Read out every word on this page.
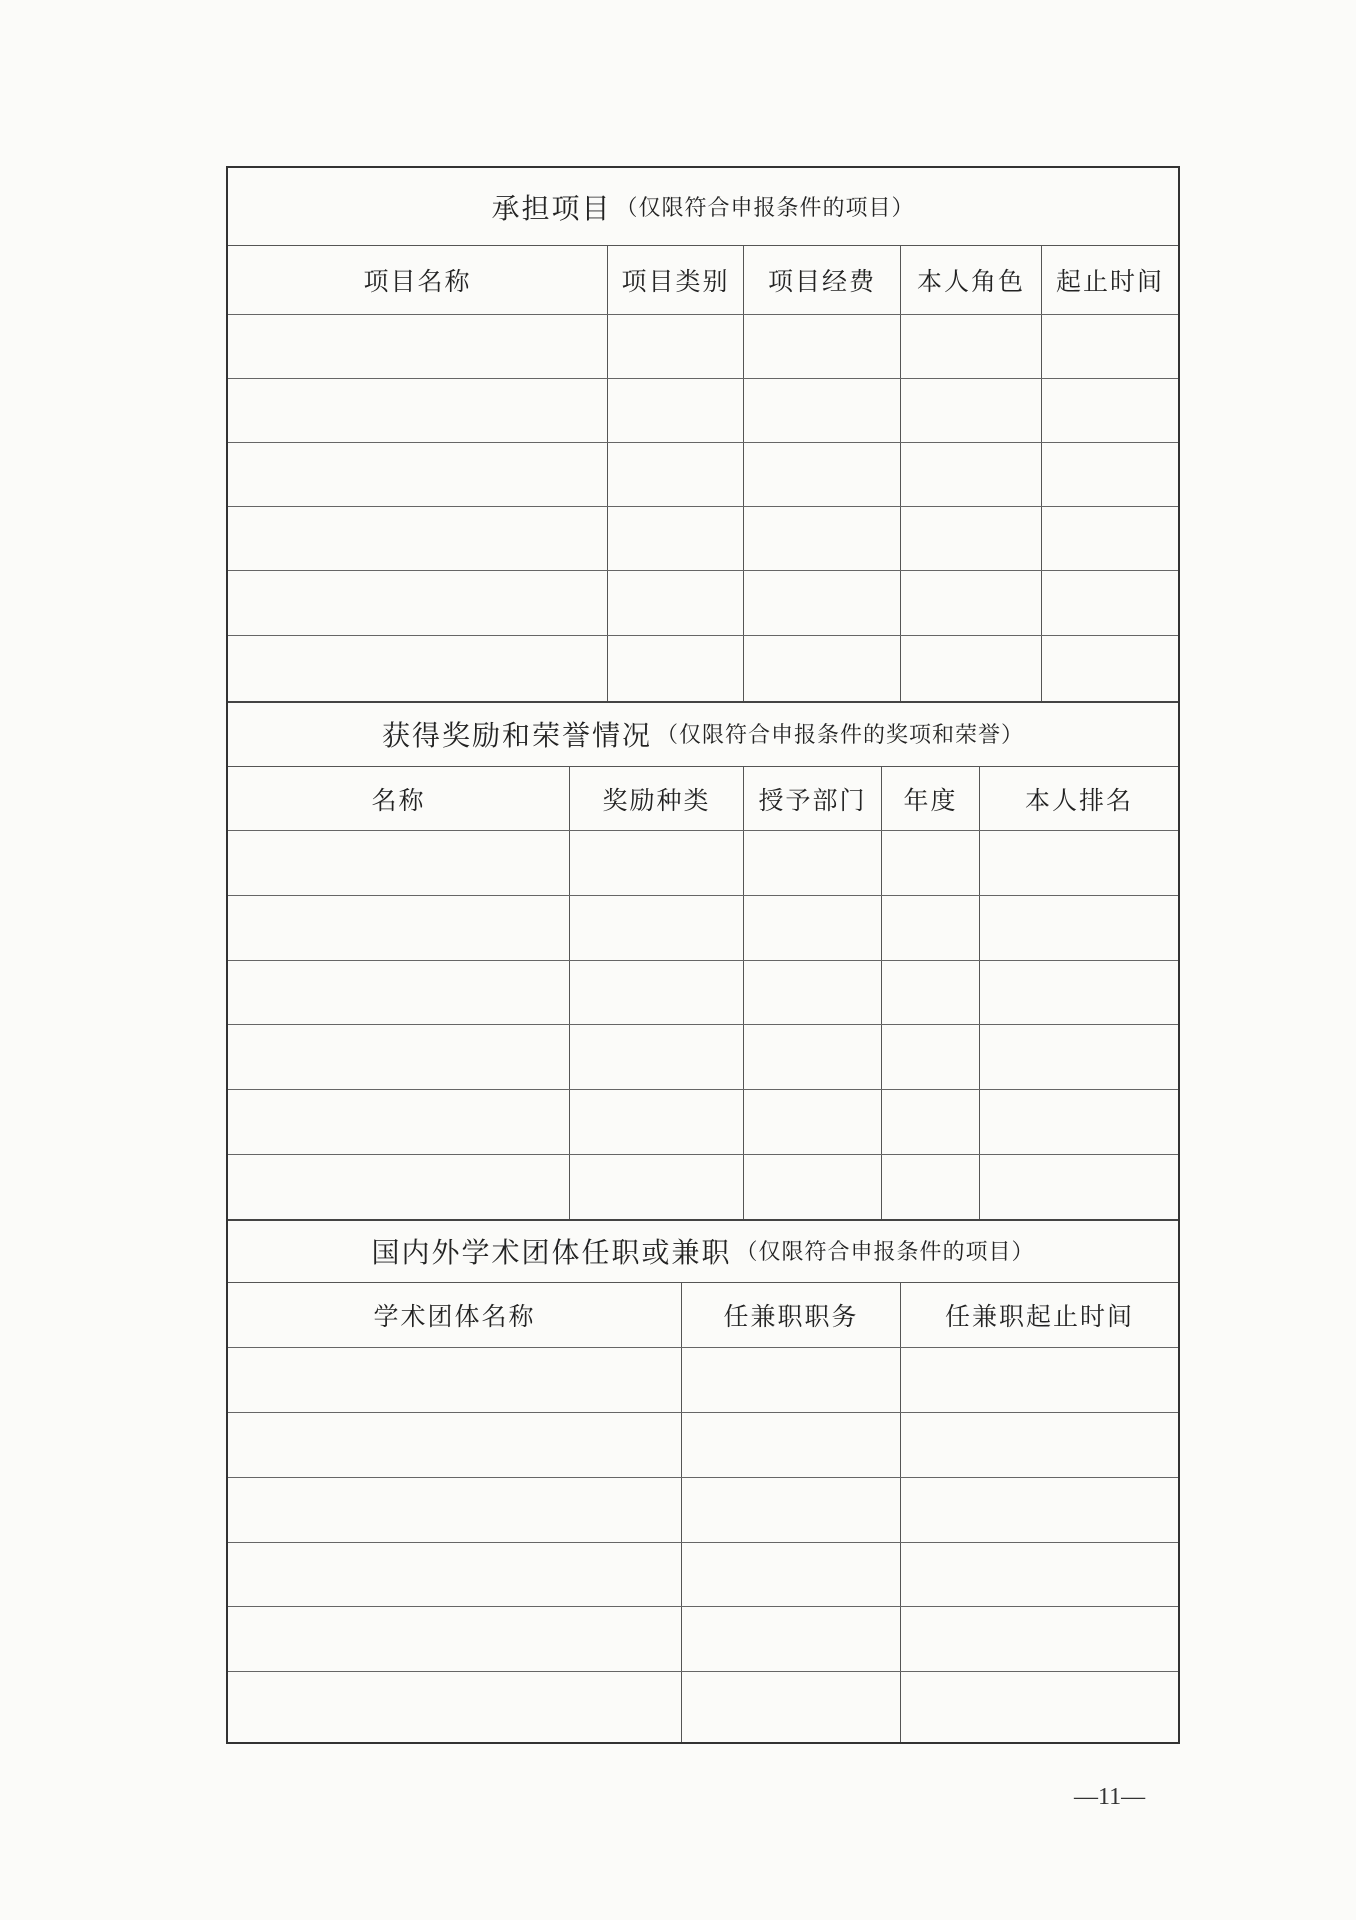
承担项目 （仅限符合申报条件的项目）
项目名称	项目类别	项目经费	本人角色	起止时间
获得奖励和荣誉情况 （仅限符合申报条件的奖项和荣誉）
名称	奖励种类	授予部门	年度	本人排名
国内外学术团体任职或兼职 （仅限符合申报条件的项目）
学术团体名称	任兼职职务	任兼职起止时间
—11—
